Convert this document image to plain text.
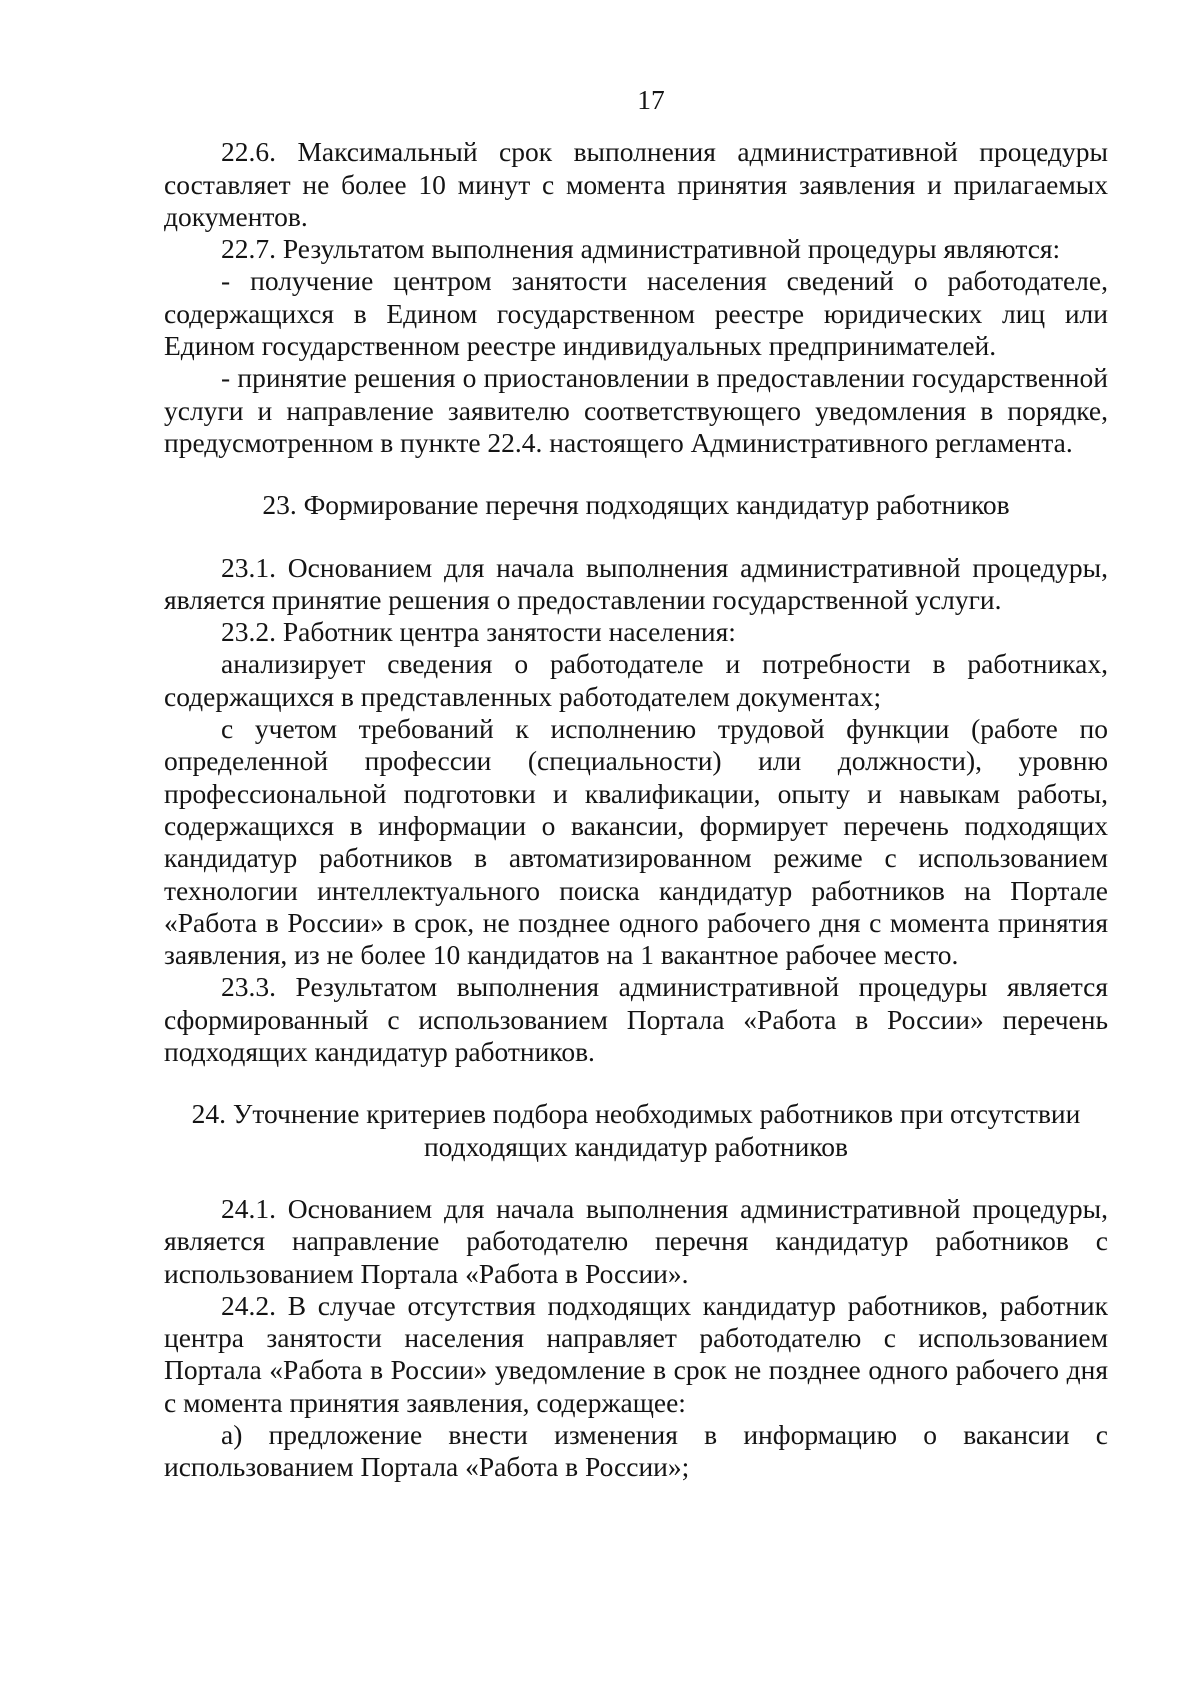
17

22.6. Максимальный срок выполнения административной процедуры составляет не более 10 минут с момента принятия заявления и прилагаемых документов.

22.7. Результатом выполнения административной процедуры являются:

- получение центром занятости населения сведений о работодателе, содержащихся в Едином государственном реестре юридических лиц или Едином государственном реестре индивидуальных предпринимателей.

- принятие решения о приостановлении в предоставлении государственной услуги и направление заявителю соответствующего уведомления в порядке, предусмотренном в пункте 22.4. настоящего Административного регламента.

23. Формирование перечня подходящих кандидатур работников

23.1. Основанием для начала выполнения административной процедуры, является принятие решения о предоставлении государственной услуги.

23.2. Работник центра занятости населения:

анализирует сведения о работодателе и потребности в работниках, содержащихся в представленных работодателем документах;

с учетом требований к исполнению трудовой функции (работе по определенной профессии (специальности) или должности), уровню профессиональной подготовки и квалификации, опыту и навыкам работы, содержащихся в информации о вакансии, формирует перечень подходящих кандидатур работников в автоматизированном режиме с использованием технологии интеллектуального поиска кандидатур работников на Портале «Работа в России» в срок, не позднее одного рабочего дня с момента принятия заявления, из не более 10 кандидатов на 1 вакантное рабочее место.

23.3. Результатом выполнения административной процедуры является сформированный с использованием Портала «Работа в России» перечень подходящих кандидатур работников.

24. Уточнение критериев подбора необходимых работников при отсутствии
подходящих кандидатур работников

24.1. Основанием для начала выполнения административной процедуры, является направление работодателю перечня кандидатур работников с использованием Портала «Работа в России».

24.2. В случае отсутствия подходящих кандидатур работников, работник центра занятости населения направляет работодателю с использованием Портала «Работа в России» уведомление в срок не позднее одного рабочего дня с момента принятия заявления, содержащее:

а) предложение внести изменения в информацию о вакансии с использованием Портала «Работа в России»;
